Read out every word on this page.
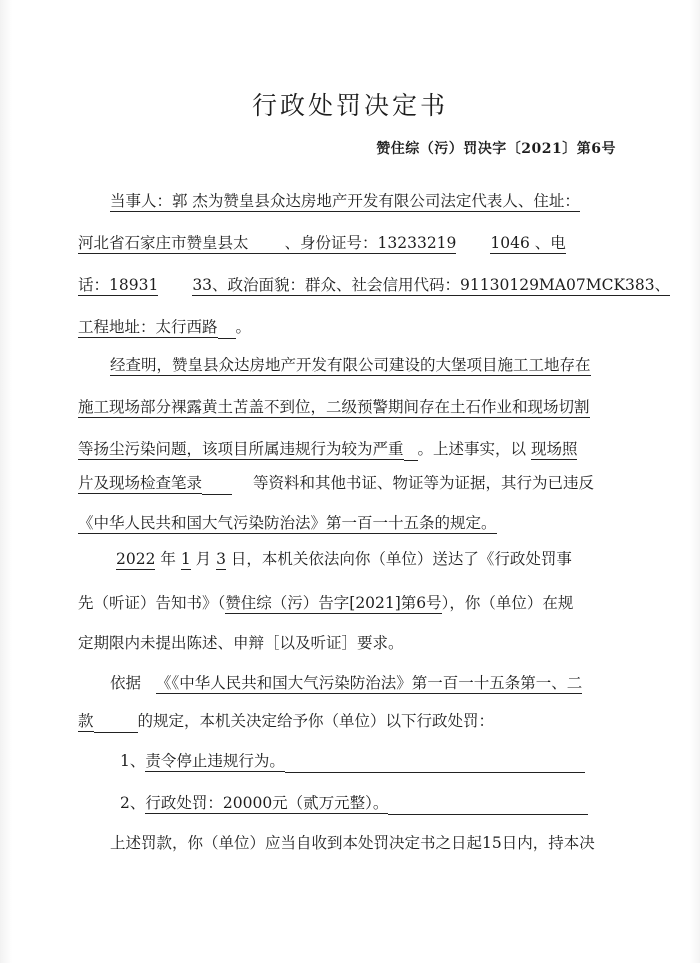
行政处罚决定书
赞住综（污）罚决字〔2021〕第6号
当事人：郭 杰为赞皇县众达房地产开发有限公司法定代表人、住址：
河北省石家庄市赞皇县太 、身份证号：13233219 1046 、电
话：18931 33、政治面貌：群众、社会信用代码：91130129MA07MCK383、
工程地址：太行西路 。
经查明，赞皇县众达房地产开发有限公司建设的大堡项目施工工地存在
施工现场部分裸露黄土苫盖不到位，二级预警期间存在土石作业和现场切割
等扬尘污染问题，该项目所属违规行为较为严重 。上述事实，以 现场照
片及现场检查笔录	等资料和其他书证、物证等为证据，其行为已违反
《中华人民共和国大气污染防治法》第一百一十五条的规定。
2022 年 1 月 3 日，本机关依法向你（单位）送达了《行政处罚事
先（听证）告知书》（赞住综（污）告字[2021]第6号），你（单位）在规
定期限内未提出陈述、申辩［以及听证］要求。
依据 《《中华人民共和国大气污染防治法》第一百一十五条第一、二
款	的规定，本机关决定给予你（单位）以下行政处罚：
1、责令停止违规行为。
2、行政处罚：20000元（贰万元整）。
上述罚款，你（单位）应当自收到本处罚决定书之日起15日内，持本决
